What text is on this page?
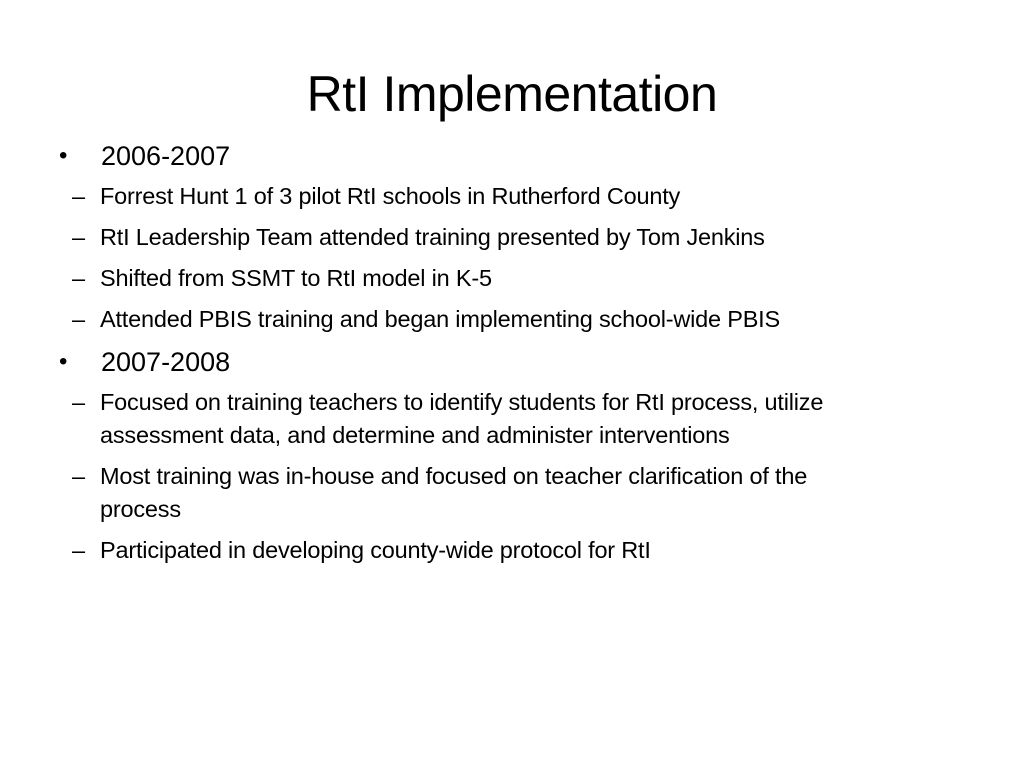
RtI Implementation
• 2006-2007
– Forrest Hunt 1 of 3 pilot RtI schools in Rutherford County
– RtI Leadership Team attended training presented by Tom Jenkins
– Shifted from SSMT to RtI model in K-5
– Attended PBIS training and began implementing school-wide PBIS
• 2007-2008
– Focused on training teachers to identify students for RtI process, utilize assessment data, and determine and administer interventions
– Most training was in-house and focused on teacher clarification of the process
– Participated in developing county-wide protocol for RtI
